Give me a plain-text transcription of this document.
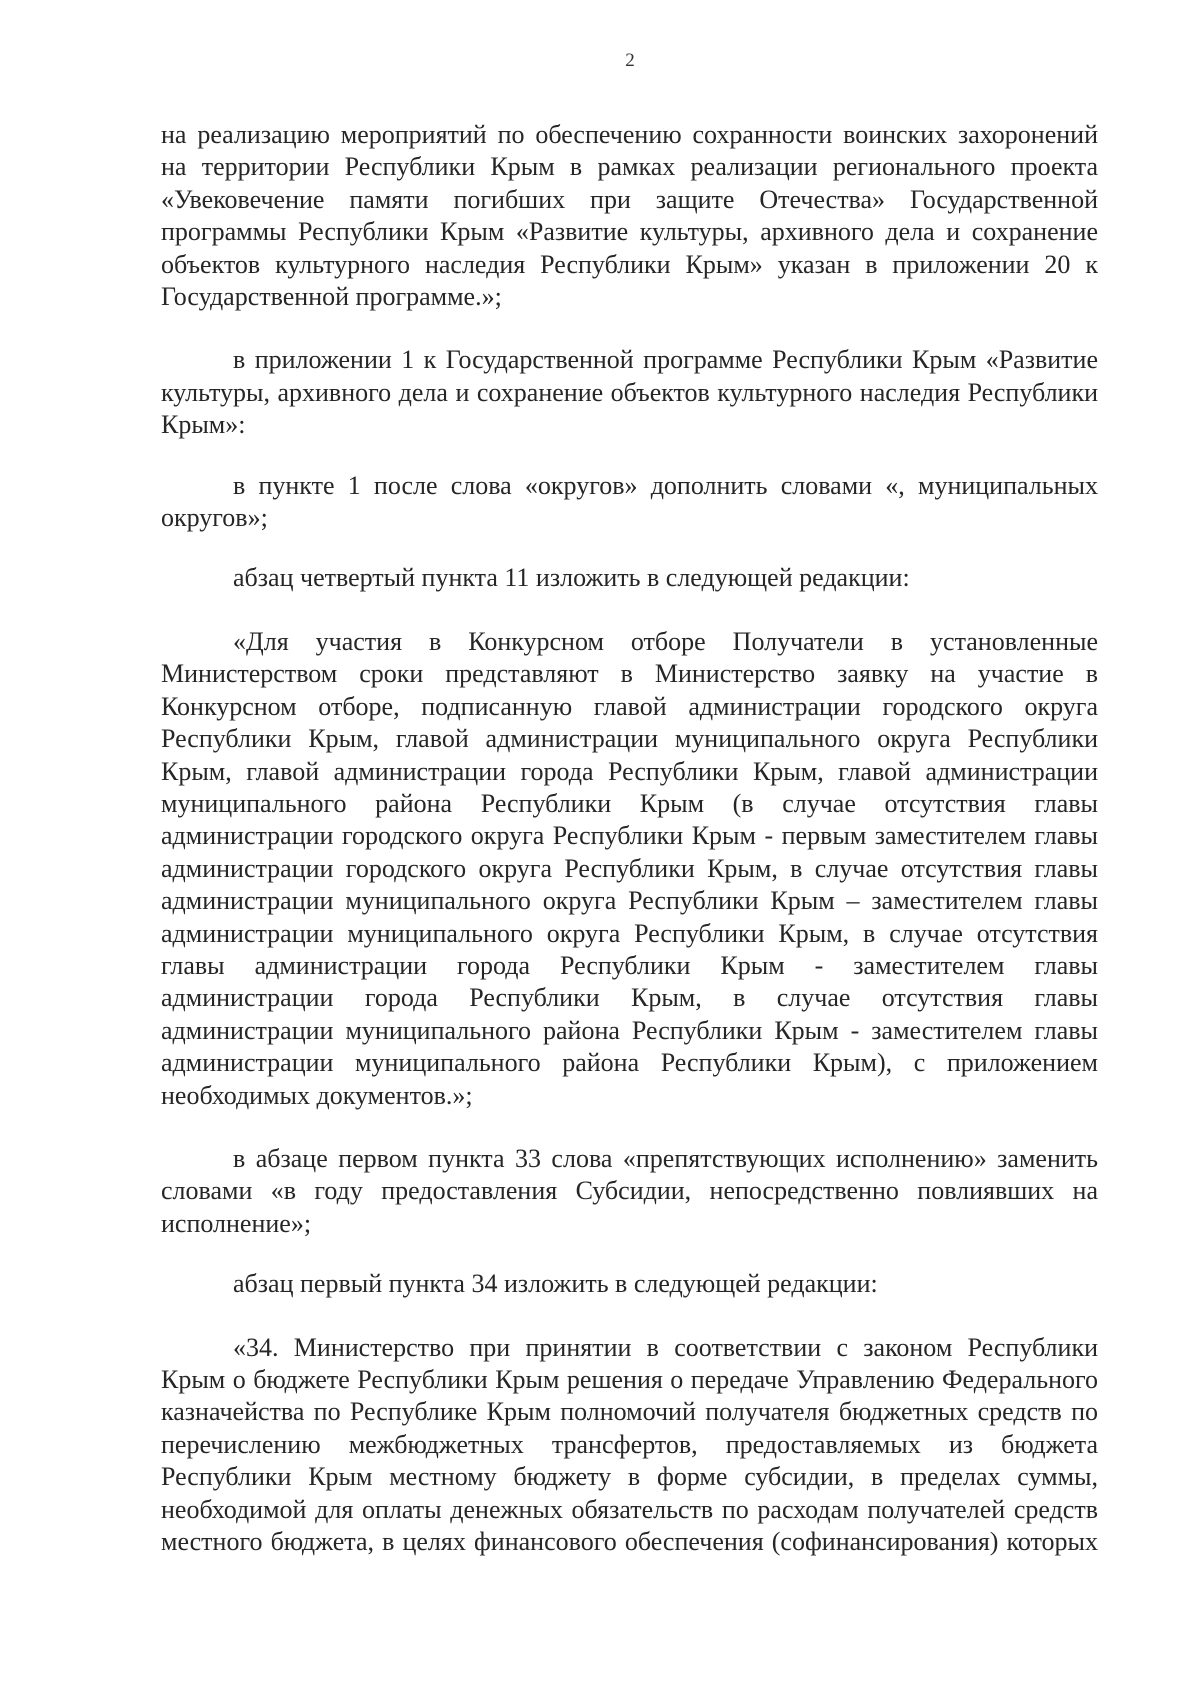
2

на реализацию мероприятий по обеспечению сохранности воинских захоронений на территории Республики Крым в рамках реализации регионального проекта «Увековечение памяти погибших при защите Отечества» Государственной программы Республики Крым «Развитие культуры, архивного дела и сохранение объектов культурного наследия Республики Крым» указан в приложении 20 к Государственной программе.»;

в приложении 1 к Государственной программе Республики Крым «Развитие культуры, архивного дела и сохранение объектов культурного наследия Республики Крым»:

в пункте 1 после слова «округов» дополнить словами «, муниципальных округов»;

абзац четвертый пункта 11 изложить в следующей редакции:

«Для участия в Конкурсном отборе Получатели в установленные Министерством сроки представляют в Министерство заявку на участие в Конкурсном отборе, подписанную главой администрации городского округа Республики Крым, главой администрации муниципального округа Республики Крым, главой администрации города Республики Крым, главой администрации муниципального района Республики Крым (в случае отсутствия главы администрации городского округа Республики Крым - первым заместителем главы администрации городского округа Республики Крым, в случае отсутствия главы администрации муниципального округа Республики Крым – заместителем главы администрации муниципального округа Республики Крым, в случае отсутствия главы администрации города Республики Крым - заместителем главы администрации города Республики Крым, в случае отсутствия главы администрации муниципального района Республики Крым - заместителем главы администрации муниципального района Республики Крым), с приложением необходимых документов.»;

в абзаце первом пункта 33 слова «препятствующих исполнению» заменить словами «в году предоставления Субсидии, непосредственно повлиявших на исполнение»;

абзац первый пункта 34 изложить в следующей редакции:

«34. Министерство при принятии в соответствии с законом Республики Крым о бюджете Республики Крым решения о передаче Управлению Федерального казначейства по Республике Крым полномочий получателя бюджетных средств по перечислению межбюджетных трансфертов, предоставляемых из бюджета Республики Крым местному бюджету в форме субсидии, в пределах суммы, необходимой для оплаты денежных обязательств по расходам получателей средств местного бюджета, в целях финансового обеспечения (софинансирования) которых
